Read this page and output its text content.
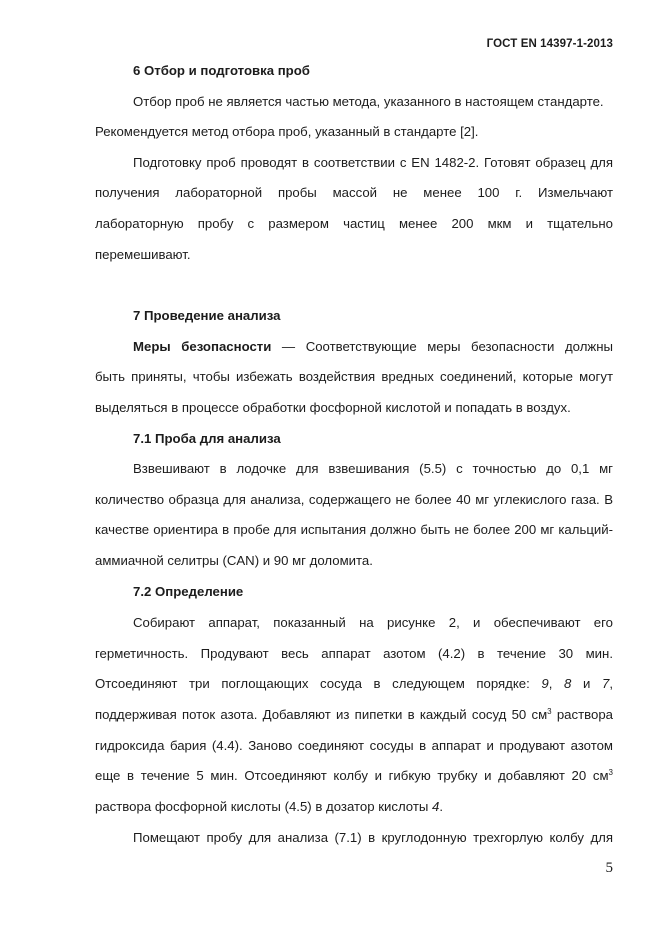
ГОСТ EN 14397-1-2013
6 Отбор и подготовка проб
Отбор проб не является частью метода, указанного в настоящем стандарте.
Рекомендуется метод отбора проб, указанный в стандарте [2].
Подготовку проб проводят в соответствии с EN 1482-2. Готовят образец для
получения лабораторной пробы массой не менее 100 г. Измельчают
лабораторную пробу с размером частиц менее 200 мкм и тщательно
перемешивают.
7 Проведение анализа
Меры безопасности — Соответствующие меры безопасности должны
быть приняты, чтобы избежать воздействия вредных соединений, которые могут
выделяться в процессе обработки фосфорной кислотой и попадать в воздух.
7.1 Проба для анализа
Взвешивают в лодочке для взвешивания (5.5) с точностью до 0,1 мг
количество образца для анализа, содержащего не более 40 мг углекислого газа. В
качестве ориентира в пробе для испытания должно быть не более 200 мг кальций-
аммиачной селитры (CAN) и 90 мг доломита.
7.2 Определение
Собирают аппарат, показанный на рисунке 2, и обеспечивают его
герметичность. Продувают весь аппарат азотом (4.2) в течение 30 мин.
Отсоединяют три поглощающих сосуда в следующем порядке: 9, 8 и 7,
поддерживая поток азота. Добавляют из пипетки в каждый сосуд 50 $см^3$ раствора
гидроксида бария (4.4). Заново соединяют сосуды в аппарат и продувают азотом
еще в течение 5 мин. Отсоединяют колбу и гибкую трубку и добавляют 20 $см^3$
раствора фосфорной кислоты (4.5) в дозатор кислоты 4.
Помещают пробу для анализа (7.1) в круглодонную трехгорлую колбу для
5
